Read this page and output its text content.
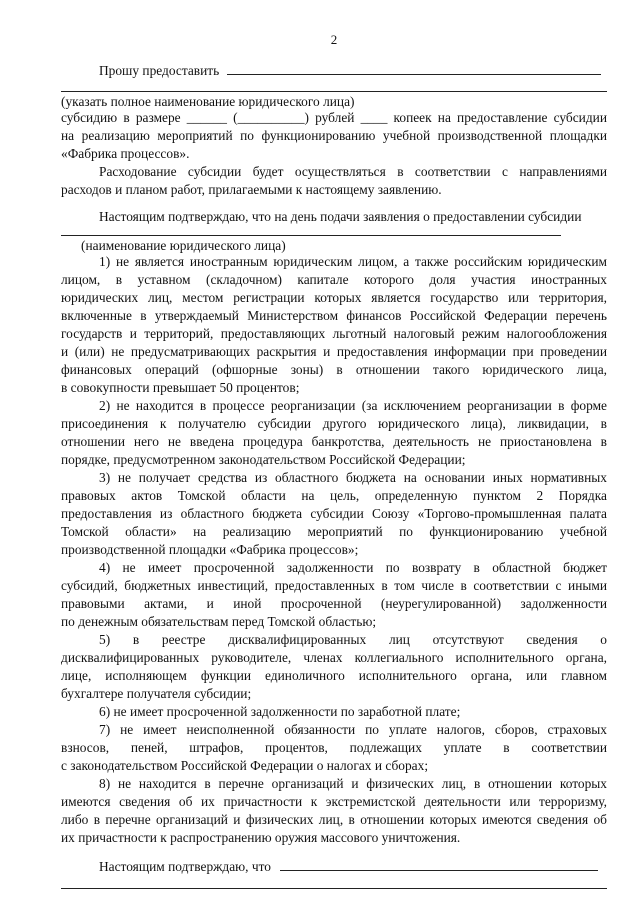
2
Прошу предоставить
(указать полное наименование юридического лица)
субсидию в размере ______ (__________) рублей ____ копеек на предоставление субсидии
на реализацию мероприятий по функционированию учебной производственной площадки
«Фабрика процессов».
Расходование субсидии будет осуществляться в соответствии с направлениями
расходов и планом работ, прилагаемыми к настоящему заявлению.
Настоящим подтверждаю, что на день подачи заявления о предоставлении субсидии
(наименование юридического лица)
1) не является иностранным юридическим лицом, а также российским юридическим
лицом, в уставном (складочном) капитале которого доля участия иностранных
юридических лиц, местом регистрации которых является государство или территория,
включенные в утверждаемый Министерством финансов Российской Федерации перечень
государств и территорий, предоставляющих льготный налоговый режим налогообложения
и (или) не предусматривающих раскрытия и предоставления информации при проведении
финансовых операций (офшорные зоны) в отношении такого юридического лица,
в совокупности превышает 50 процентов;
2) не находится в процессе реорганизации (за исключением реорганизации в форме
присоединения к получателю субсидии другого юридического лица), ликвидации, в
отношении него не введена процедура банкротства, деятельность не приостановлена в
порядке, предусмотренном законодательством Российской Федерации;
3) не получает средства из областного бюджета на основании иных нормативных
правовых актов Томской области на цель, определенную пунктом 2 Порядка
предоставления из областного бюджета субсидии Союзу «Торгово-промышленная палата
Томской области» на реализацию мероприятий по функционированию учебной
производственной площадки «Фабрика процессов»;
4) не имеет просроченной задолженности по возврату в областной бюджет
субсидий, бюджетных инвестиций, предоставленных в том числе в соответствии с иными
правовыми актами, и иной просроченной (неурегулированной) задолженности
по денежным обязательствам перед Томской областью;
5) в реестре дисквалифицированных лиц отсутствуют сведения о
дисквалифицированных руководителе, членах коллегиального исполнительного органа,
лице, исполняющем функции единоличного исполнительного органа, или главном
бухгалтере получателя субсидии;
6) не имеет просроченной задолженности по заработной плате;
7) не имеет неисполненной обязанности по уплате налогов, сборов, страховых
взносов, пеней, штрафов, процентов, подлежащих уплате в соответствии
с законодательством Российской Федерации о налогах и сборах;
8) не находится в перечне организаций и физических лиц, в отношении которых
имеются сведения об их причастности к экстремистской деятельности или терроризму,
либо в перечне организаций и физических лиц, в отношении которых имеются сведения об
их причастности к распространению оружия массового уничтожения.
Настоящим подтверждаю, что
